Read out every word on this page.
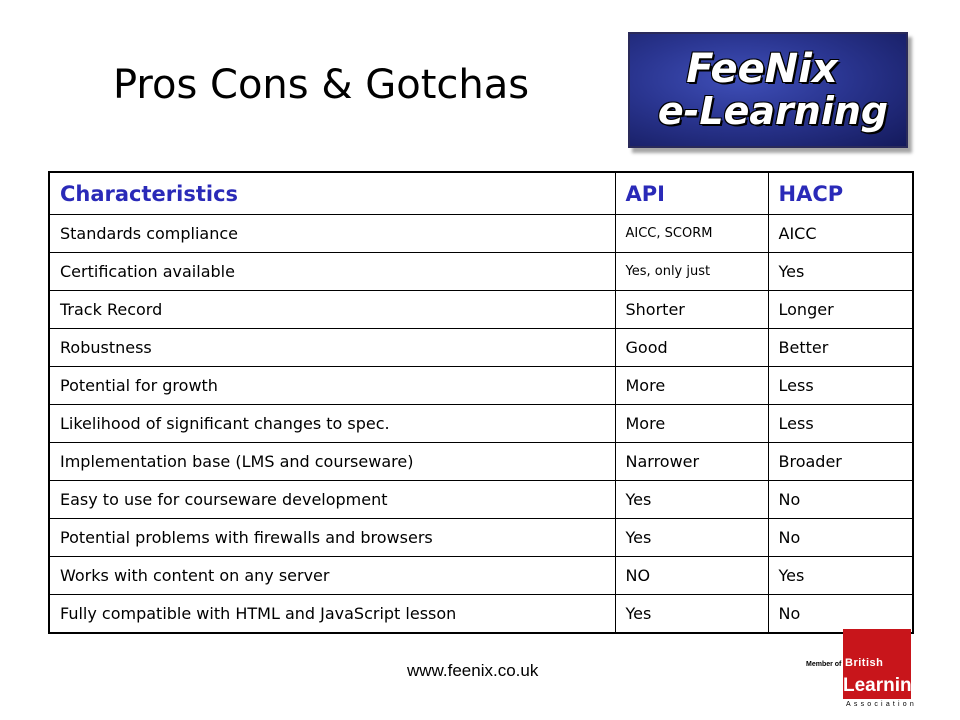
Pros Cons & Gotchas	FeeNix
e-Learning
Characteristics	API	HACP
Standards compliance	AICC, SCORM	AICC
Certification available	Yes, only just	Yes
Track Record	Shorter	Longer
Robustness	Good	Better
Potential for growth	More	Less
Likelihood of significant changes to spec.	More	Less
Implementation base (LMS and courseware)	Narrower	Broader
Easy to use for courseware development	Yes	No
Potential problems with firewalls and browsers	Yes	No
Works with content on any server	NO	Yes
Fully compatible with HTML and JavaScript lesson	Yes	No
www.feenix.co.uk	Member of British
Learning
Association
